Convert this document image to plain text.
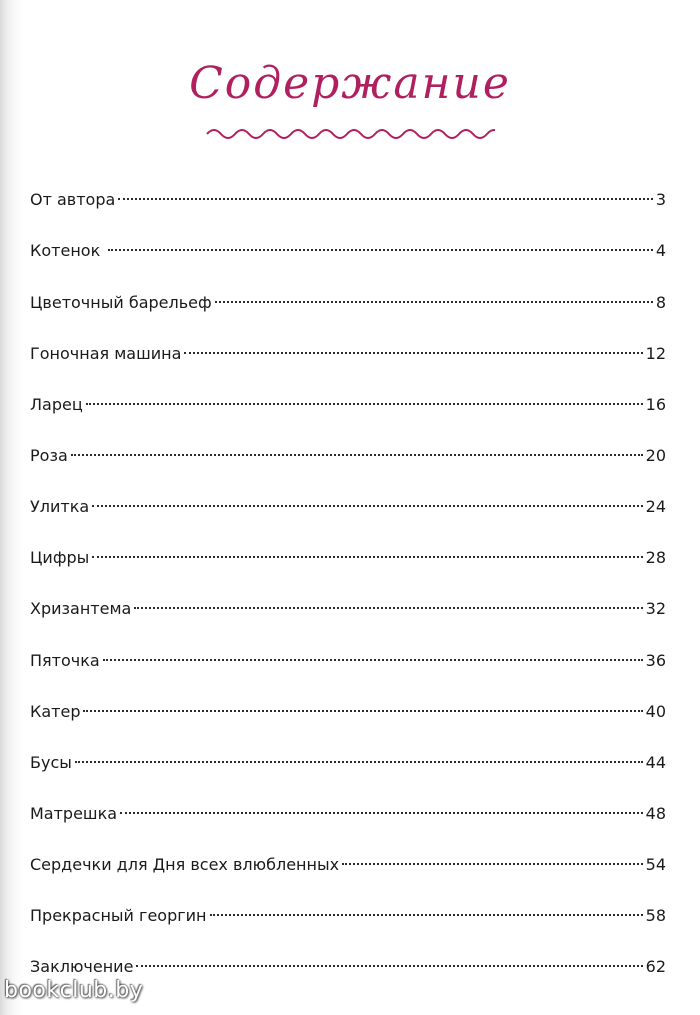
Содержание
От автора	3
Котенок	4
Цветочный барельеф	8
Гоночная машина	12
Ларец	16
Роза	20
Улитка	24
Цифры	28
Хризантема	32
Пяточка	36
Катер	40
Бусы	44
Матрешка	48
Сердечки для Дня всех влюбленных	54
Прекрасный георгин	58
Заключение	62
bookclub.by
